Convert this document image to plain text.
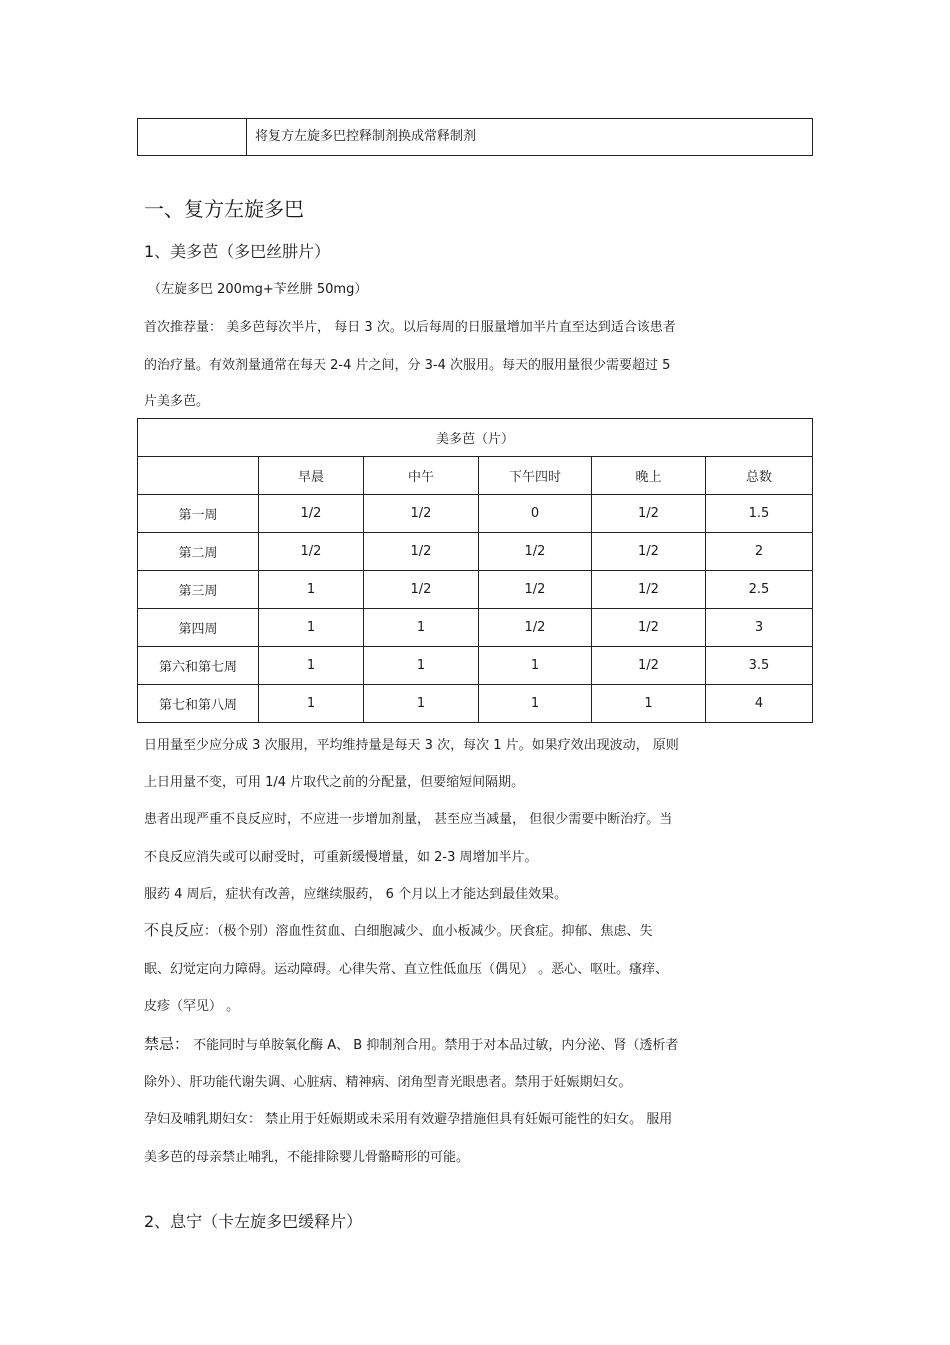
将复方左旋多巴控释制剂换成常释制剂
一、复方左旋多巴
1、美多芭（多巴丝肼片）
（左旋多巴 200mg+苄丝肼 50mg）
首次推荐量： 美多芭每次半片， 每日 3 次。以后每周的日服量增加半片直至达到适合该患者
的治疗量。有效剂量通常在每天 2-4 片之间，分 3-4 次服用。每天的服用量很少需要超过 5
片美多芭。
美多芭（片）					
	早晨	中午	下午四时	晚上	总数
第一周	1/2	1/2	0	1/2	1.5
第二周	1/2	1/2	1/2	1/2	2
第三周	1	1/2	1/2	1/2	2.5
第四周	1	1	1/2	1/2	3
第六和第七周	1	1	1	1/2	3.5
第七和第八周	1	1	1	1	4
日用量至少应分成 3 次服用，平均维持量是每天 3 次，每次 1 片。如果疗效出现波动， 原则
上日用量不变，可用 1/4 片取代之前的分配量，但要缩短间隔期。
患者出现严重不良反应时，不应进一步增加剂量， 甚至应当减量， 但很少需要中断治疗。当
不良反应消失或可以耐受时，可重新缓慢增量，如 2-3 周增加半片。
服药 4 周后，症状有改善，应继续服药， 6 个月以上才能达到最佳效果。
不良反应：（极个别）溶血性贫血、白细胞减少、血小板减少。厌食症。抑郁、焦虑、失
眠、幻觉定向力障碍。运动障碍。心律失常、直立性低血压（偶见） 。恶心、呕吐。瘙痒、
皮疹（罕见） 。
禁忌： 不能同时与单胺氧化酶 A、 B 抑制剂合用。禁用于对本品过敏，内分泌、肾（透析者
除外）、肝功能代谢失调、心脏病、精神病、闭角型青光眼患者。禁用于妊娠期妇女。
孕妇及哺乳期妇女： 禁止用于妊娠期或未采用有效避孕措施但具有妊娠可能性的妇女。 服用
美多芭的母亲禁止哺乳，不能排除婴儿骨骼畸形的可能。
2、息宁（卡左旋多巴缓释片）
